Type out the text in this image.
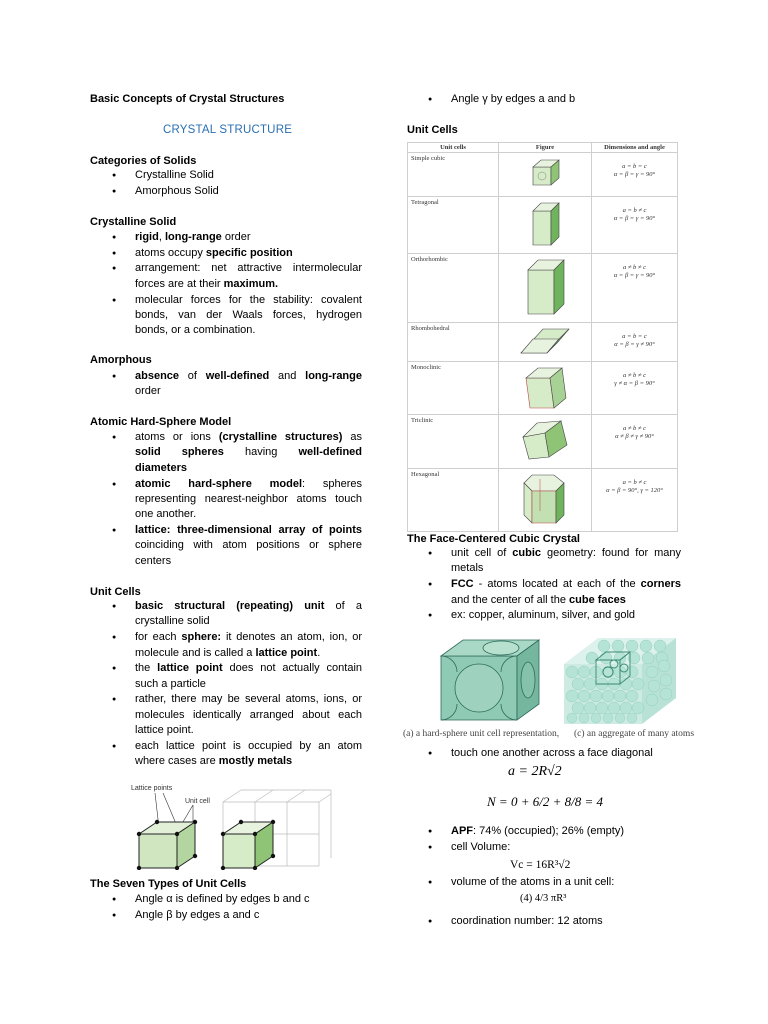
Basic Concepts of Crystal Structures
CRYSTAL STRUCTURE
Categories of Solids
● Crystalline Solid
● Amorphous Solid
Crystalline Solid
● rigid, long-range order
● atoms occupy specific position
● arrangement: net attractive intermolecular forces are at their maximum.
● molecular forces for the stability: covalent bonds, van der Waals forces, hydrogen bonds, or a combination.
Amorphous
● absence of well-defined and long-range order
Atomic Hard-Sphere Model
● atoms or ions (crystalline structures) as solid spheres having well-defined diameters
● atomic hard-sphere model: spheres representing nearest-neighbor atoms touch one another.
● lattice: three-dimensional array of points coinciding with atom positions or sphere centers
Unit Cells
● basic structural (repeating) unit of a crystalline solid
● for each sphere: it denotes an atom, ion, or molecule and is called a lattice point.
● the lattice point does not actually contain such a particle
● rather, there may be several atoms, ions, or molecules identically arranged about each lattice point.
● each lattice point is occupied by an atom where cases are mostly metals
Lattice points
Unit cell
The Seven Types of Unit Cells
● Angle α is defined by edges b and c
● Angle β by edges a and c
● Angle γ by edges a and b
Unit Cells
Unit cells	Figure	Dimensions and angle
Simple cubic		a = b = c
α = β = γ = 90°

Tetragonal		a = b ≠ c
α = β = γ = 90°

Orthorhombic		a ≠ b ≠ c
α = β = γ = 90°

Rhombohedral		a = b = c
α = β = γ ≠ 90°

Monoclinic		a ≠ b ≠ c
γ ≠ α = β = 90°

Triclinic		a ≠ b ≠ c
α ≠ β ≠ γ ≠ 90°

Hexagonal		a = b ≠ c
α = β = 90°, γ = 120°
The Face-Centered Cubic Crystal
● unit cell of cubic geometry: found for many metals
● FCC - atoms located at each of the corners and the center of all the cube faces
● ex: copper, aluminum, silver, and gold
(a) a hard-sphere unit cell representation, (c) an aggregate of many atoms
● touch one another across a face diagonal
a = 2R√2
N = 0 + 6/2 + 8/8 = 4
● APF: 74% (occupied); 26% (empty)
● cell Volume:
Vc = 16R³√2
● volume of the atoms in a unit cell:
(4) 4/3 πR³
● coordination number: 12 atoms
